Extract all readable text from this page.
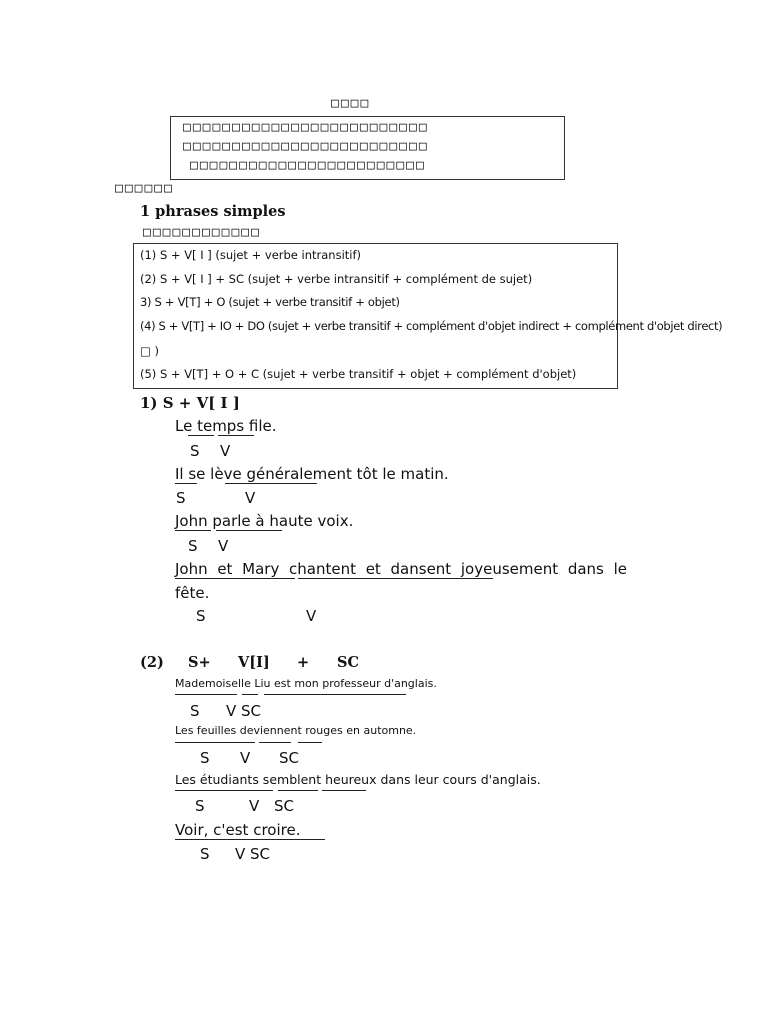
□□□□
□□□□□□□□□□□□□□□□□□□□□□□□□
□□□□□□□□□□□□□□□□□□□□□□□□□
□□□□□□□□□□□□□□□□□□□□□□□□
□□□□□□
1 phrases simples
□□□□□□□□□□□□
(1) S + V[ I ] (sujet + verbe intransitif)
(2) S + V[ I ] + SC (sujet + verbe intransitif + complément de sujet)
3) S + V[T] + O (sujet + verbe transitif + objet)
(4) S + V[T] + IO + DO (sujet + verbe transitif + complément d'objet indirect + complément d'objet direct)
□ )
(5) S + V[T] + O + C (sujet + verbe transitif + objet + complément d'objet)
1) S + V[ I ]
Le temps file.
S V
Il se lève généralement tôt le matin.
S	V
John parle à haute voix.
S V
John et Mary chantent et dansent joyeusement dans le
fête.
S	V
(2) S+ V[I] + SC
Mademoiselle Liu est mon professeur d'anglais.
S V SC
Les feuilles deviennent rouges en automne.
S V SC
Les étudiants semblent heureux dans leur cours d'anglais.
S	V SC
Voir, c'est croire.
S V SC
